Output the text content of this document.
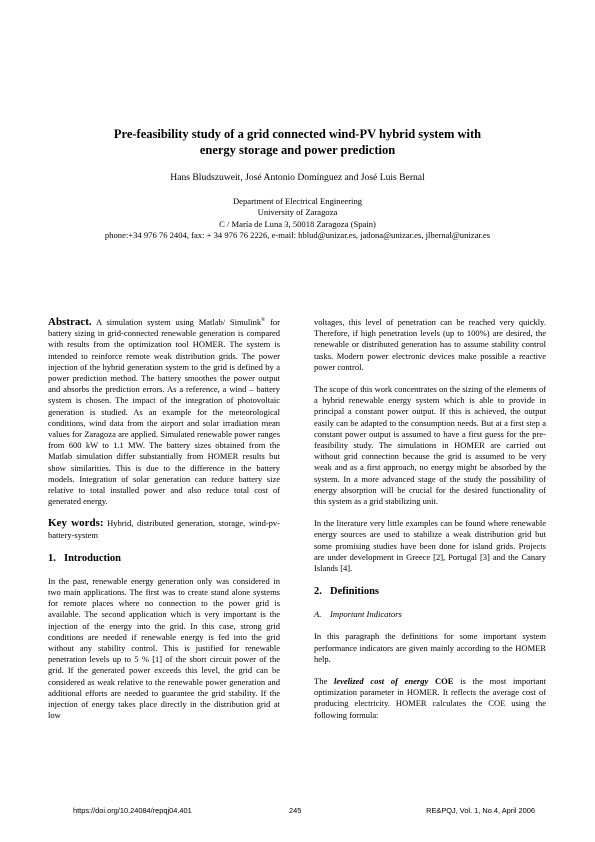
Pre-feasibility study of a grid connected wind-PV hybrid system with
energy storage and power prediction
Hans Bludszuweit, José Antonio Domínguez and José Luis Bernal
Department of Electrical Engineering
University of Zaragoza
C / María de Luna 3, 50018 Zaragoza (Spain)
phone:+34 976 76 2404, fax: + 34 976 76 2226, e-mail: hblud@unizar.es, jadona@unizar.es, jlbernal@unizar.es

Abstract. A simulation system using Matlab/ Simulink® for battery sizing in grid-connected renewable generation is compared with results from the optimization tool HOMER. The system is intended to reinforce remote weak distribution grids. The power injection of the hybrid generation system to the grid is defined by a power prediction method. The battery smoothes the power output and absorbs the prediction errors. As a reference, a wind – battery system is chosen. The impact of the integration of photovoltaic generation is studied. As an example for the meteorological conditions, wind data from the airport and solar irradiation mean values for Zaragoza are applied. Simulated renewable power ranges from 600 kW to 1.1 MW. The battery sizes obtained from the Matlab simulation differ substantially from HOMER results but show similarities. This is due to the difference in the battery models. Integration of solar generation can reduce battery size relative to total installed power and also reduce total cost of generated energy.

Key words: Hybrid, distributed generation, storage, wind-pv-battery-system

1. Introduction

In the past, renewable energy generation only was considered in two main applications. The first was to create stand alone systems for remote places where no connection to the power grid is available. The second application which is very important is the injection of the energy into the grid. In this case, strong grid conditions are needed if renewable energy is fed into the grid without any stability control. This is justified for renewable penetration levels up to 5 % [1] of the short circuit power of the grid. If the generated power exceeds this level, the grid can be considered as weak relative to the renewable power generation and additional efforts are needed to guarantee the grid stability. If the injection of energy takes place directly in the distribution grid at low

voltages, this level of penetration can be reached very quickly. Therefore, if high penetration levels (up to 100%) are desired, the renewable or distributed generation has to assume stability control tasks. Modern power electronic devices make possible a reactive power control.

The scope of this work concentrates on the sizing of the elements of a hybrid renewable energy system which is able to provide in principal a constant power output. If this is achieved, the output easily can be adapted to the consumption needs. But at a first step a constant power output is assumed to have a first guess for the pre-feasibility study. The simulations in HOMER are carried out without grid connection because the grid is assumed to be very weak and as a first approach, no energy might be absorbed by the system. In a more advanced stage of the study the possibility of energy absorption will be crucial for the desired functionality of this system as a grid stabilizing unit.

In the literature very little examples can be found where renewable energy sources are used to stabilize a weak distribution grid but some promising studies have been done for island grids. Projects are under development in Greece [2], Portugal [3] and the Canary Islands [4].

2. Definitions
A. Important Indicators

In this paragraph the definitions for some important system performance indicators are given mainly according to the HOMER help.

The levelized cost of energy COE is the most important optimization parameter in HOMER. It reflects the average cost of producing electricity. HOMER calculates the COE using the following formula:

https://doi.org/10.24084/repqj04.401	245	RE&PQJ, Vol. 1, No.4, April 2006
